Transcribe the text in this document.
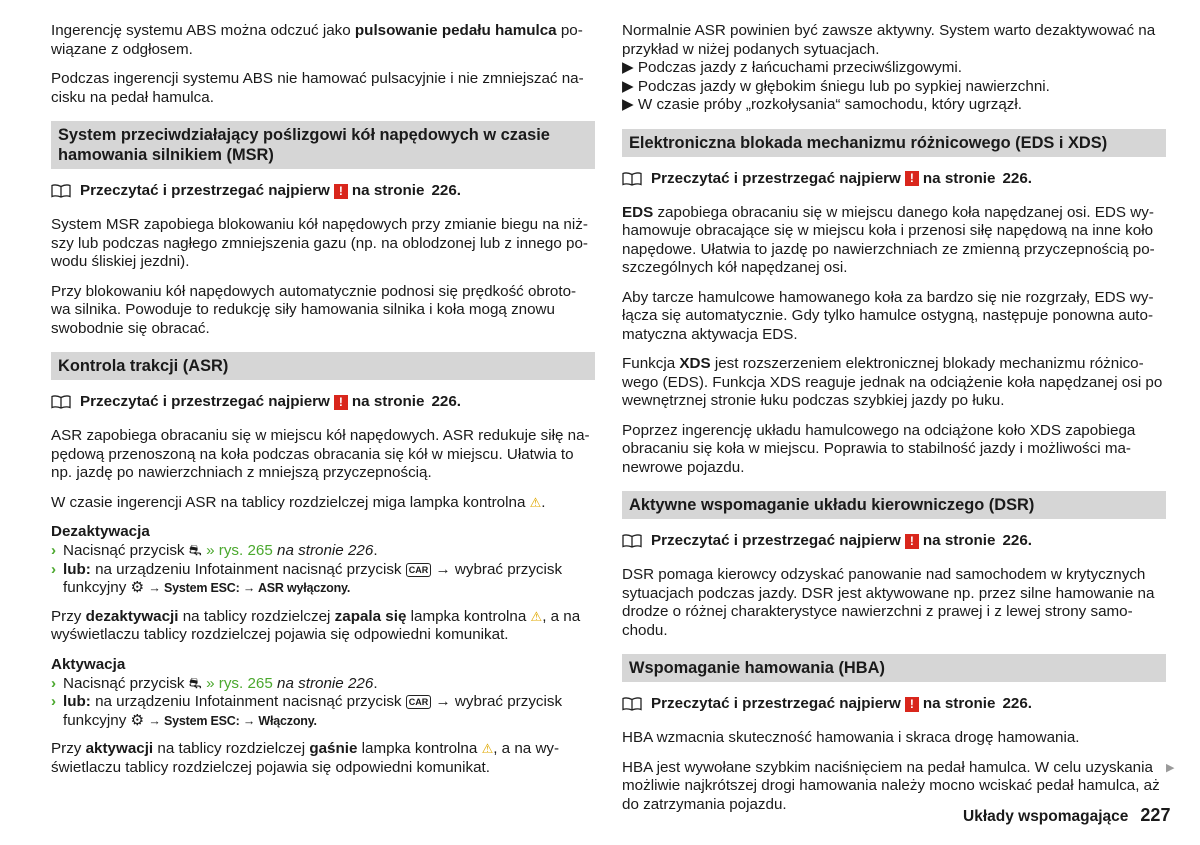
Ingerencję systemu ABS można odczuć jako pulsowanie pedału hamulca po- wiązane z odgłosem.

Podczas ingerencji systemu ABS nie hamować pulsacyjnie i nie zmniejszać na- cisku na pedał hamulca.

System przeciwdziałający poślizgowi kół napędowych w czasie hamowania silnikiem (MSR)
Przeczytać i przestrzegać najpierw ! na stronie 226.

System MSR zapobiega blokowaniu kół napędowych przy zmianie biegu na niż- szy lub podczas nagłego zmniejszenia gazu (np. na oblodzonej lub z innego po- wodu śliskiej jezdni).

Przy blokowaniu kół napędowych automatycznie podnosi się prędkość obroto- wa silnika. Powoduje to redukcję siły hamowania silnika i koła mogą znowu swobodnie się obracać.

Kontrola trakcji (ASR)
Przeczytać i przestrzegać najpierw ! na stronie 226.

ASR zapobiega obracaniu się w miejscu kół napędowych. ASR redukuje siłę na- pędową przenoszoną na koła podczas obracania się kół w miejscu. Ułatwia to np. jazdę po nawierzchniach z mniejszą przyczepnością.

W czasie ingerencji ASR na tablicy rozdzielczej miga lampka kontrolna ⚠.

Dezaktywacja
› Nacisnąć przycisk ⛐ » rys. 265 na stronie 226.
› lub: na urządzeniu Infotainment nacisnąć przycisk CAR → wybrać przycisk funkcyjny ⚙ → System ESC: → ASR wyłączony.

Przy dezaktywacji na tablicy rozdzielczej zapala się lampka kontrolna ⚠, a na wyświetlaczu tablicy rozdzielczej pojawia się odpowiedni komunikat.

Aktywacja
› Nacisnąć przycisk ⛐ » rys. 265 na stronie 226.
› lub: na urządzeniu Infotainment nacisnąć przycisk CAR → wybrać przycisk funkcyjny ⚙ → System ESC: → Włączony.

Przy aktywacji na tablicy rozdzielczej gaśnie lampka kontrolna ⚠, a na wy- świetlaczu tablicy rozdzielczej pojawia się odpowiedni komunikat.

Normalnie ASR powinien być zawsze aktywny. System warto dezaktywować na przykład w niżej podanych sytuacjach.

▶ Podczas jazdy z łańcuchami przeciwślizgowymi.

▶ Podczas jazdy w głębokim śniegu lub po sypkiej nawierzchni.

▶ W czasie próby „rozkołysania“ samochodu, który ugrzązł.

Elektroniczna blokada mechanizmu różnicowego (EDS i XDS)
Przeczytać i przestrzegać najpierw ! na stronie 226.

EDS zapobiega obracaniu się w miejscu danego koła napędzanej osi. EDS wy- hamowuje obracające się w miejscu koła i przenosi siłę napędową na inne koło napędowe. Ułatwia to jazdę po nawierzchniach ze zmienną przyczepnością po- szczególnych kół napędzanej osi.

Aby tarcze hamulcowe hamowanego koła za bardzo się nie rozgrzały, EDS wy- łącza się automatycznie. Gdy tylko hamulce ostygną, następuje ponowna auto- matyczna aktywacja EDS.

Funkcja XDS jest rozszerzeniem elektronicznej blokady mechanizmu różnico- wego (EDS). Funkcja XDS reaguje jednak na odciążenie koła napędzanej osi po wewnętrznej stronie łuku podczas szybkiej jazdy po łuku.

Poprzez ingerencję układu hamulcowego na odciążone koło XDS zapobiega obracaniu się koła w miejscu. Poprawia to stabilność jazdy i możliwości ma- newrowe pojazdu.

Aktywne wspomaganie układu kierowniczego (DSR)
Przeczytać i przestrzegać najpierw ! na stronie 226.

DSR pomaga kierowcy odzyskać panowanie nad samochodem w krytycznych sytuacjach podczas jazdy. DSR jest aktywowane np. przez silne hamowanie na drodze o różnej charakterystyce nawierzchni z prawej i z lewej strony samo- chodu.

Wspomaganie hamowania (HBA)
Przeczytać i przestrzegać najpierw ! na stronie 226.

HBA wzmacnia skuteczność hamowania i skraca drogę hamowania.

HBA jest wywołane szybkim naciśnięciem na pedał hamulca. W celu uzyskania możliwie najkrótszej drogi hamowania należy mocno wciskać pedał hamulca, aż do zatrzymania pojazdu.

▶
Układy wspomagające 227
